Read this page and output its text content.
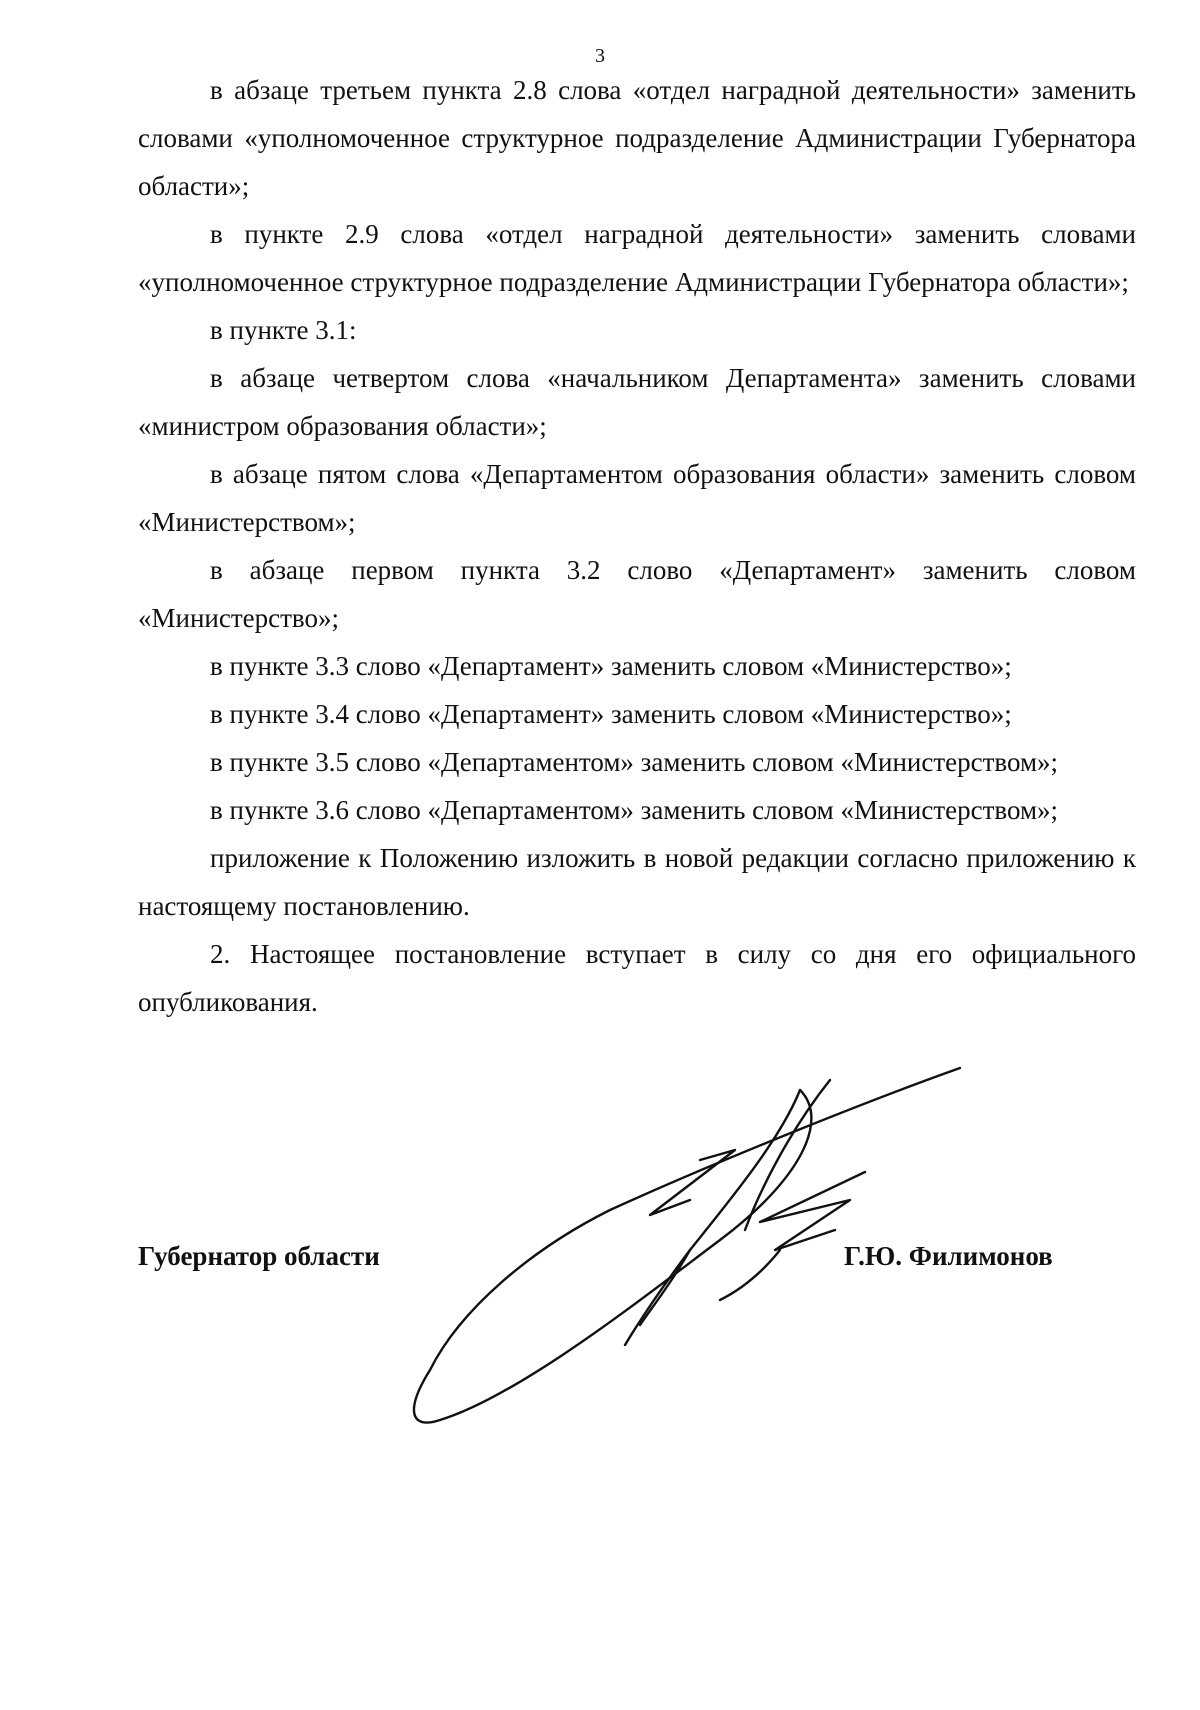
3

в абзаце третьем пункта 2.8 слова «отдел наградной деятельности» заменить словами «уполномоченное структурное подразделение Администрации Губернатора области»;

в пункте 2.9 слова «отдел наградной деятельности» заменить словами «уполномоченное структурное подразделение Администрации Губернатора области»;

в пункте 3.1:

в абзаце четвертом слова «начальником Департамента» заменить словами «министром образования области»;

в абзаце пятом слова «Департаментом образования области» заменить словом «Министерством»;

в абзаце первом пункта 3.2 слово «Департамент» заменить словом «Министерство»;

в пункте 3.3 слово «Департамент» заменить словом «Министерство»;

в пункте 3.4 слово «Департамент» заменить словом «Министерство»;

в пункте 3.5 слово «Департаментом» заменить словом «Министерством»;

в пункте 3.6 слово «Департаментом» заменить словом «Министерством»;

приложение к Положению изложить в новой редакции согласно приложению к настоящему постановлению.

2. Настоящее постановление вступает в силу со дня его официального опубликования.

Губернатор области	Г.Ю. Филимонов
